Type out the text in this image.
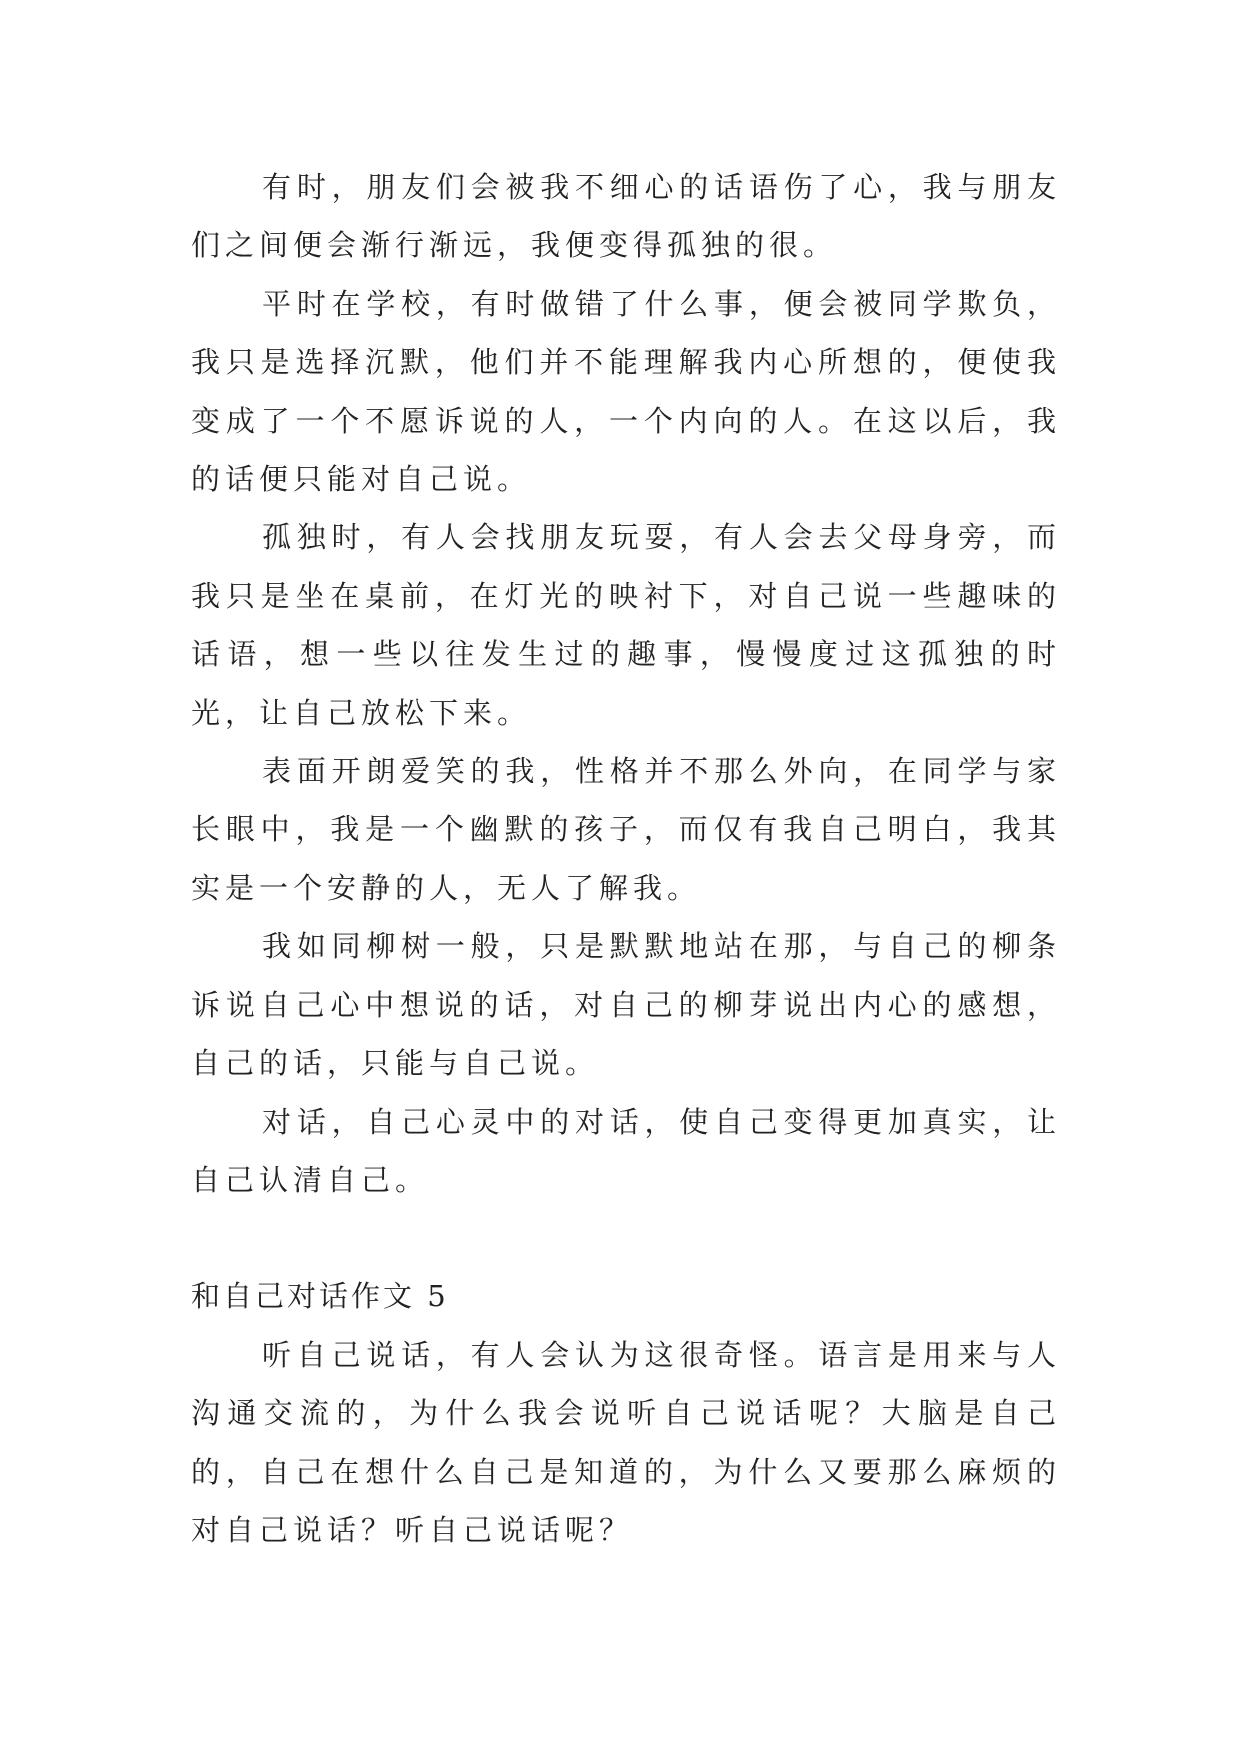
有时，朋友们会被我不细心的话语伤了心，我与朋友们之间便会渐行渐远，我便变得孤独的很。

平时在学校，有时做错了什么事，便会被同学欺负，我只是选择沉默，他们并不能理解我内心所想的，便使我变成了一个不愿诉说的人，一个内向的人。在这以后，我的话便只能对自己说。

孤独时，有人会找朋友玩耍，有人会去父母身旁，而我只是坐在桌前，在灯光的映衬下，对自己说一些趣味的话语，想一些以往发生过的趣事，慢慢度过这孤独的时光，让自己放松下来。

表面开朗爱笑的我，性格并不那么外向，在同学与家长眼中，我是一个幽默的孩子，而仅有我自己明白，我其实是一个安静的人，无人了解我。

我如同柳树一般，只是默默地站在那，与自己的柳条诉说自己心中想说的话，对自己的柳芽说出内心的感想，自己的话，只能与自己说。

对话，自己心灵中的对话，使自己变得更加真实，让自己认清自己。

和自己对话作文 5

听自己说话，有人会认为这很奇怪。语言是用来与人沟通交流的，为什么我会说听自己说话呢？大脑是自己的，自己在想什么自己是知道的，为什么又要那么麻烦的对自己说话？听自己说话呢？
